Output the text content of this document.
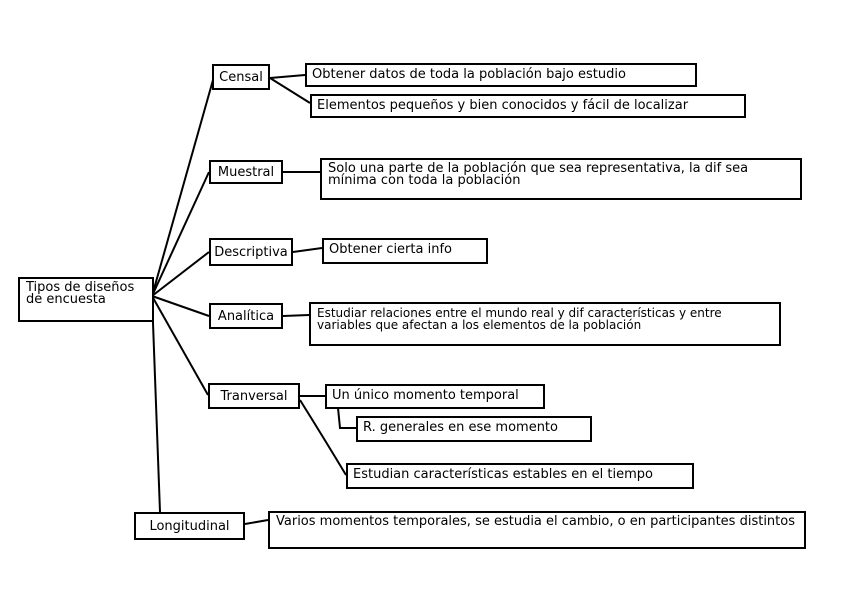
Tipos de diseños de encuesta
Censal	Obtener datos de toda la población bajo estudio
Elementos pequeños y bien conocidos y fácil de localizar
Muestral	Solo una parte de la población que sea representativa, la dif sea mínima con toda la población
Descriptiva	Obtener cierta info
Analítica	Estudiar relaciones entre el mundo real y dif características y entre variables que afectan a los elementos de la población
Tranversal	Un único momento temporal
R. generales en ese momento
Estudian características estables en el tiempo
Longitudinal	Varios momentos temporales, se estudia el cambio, o en participantes distintos
